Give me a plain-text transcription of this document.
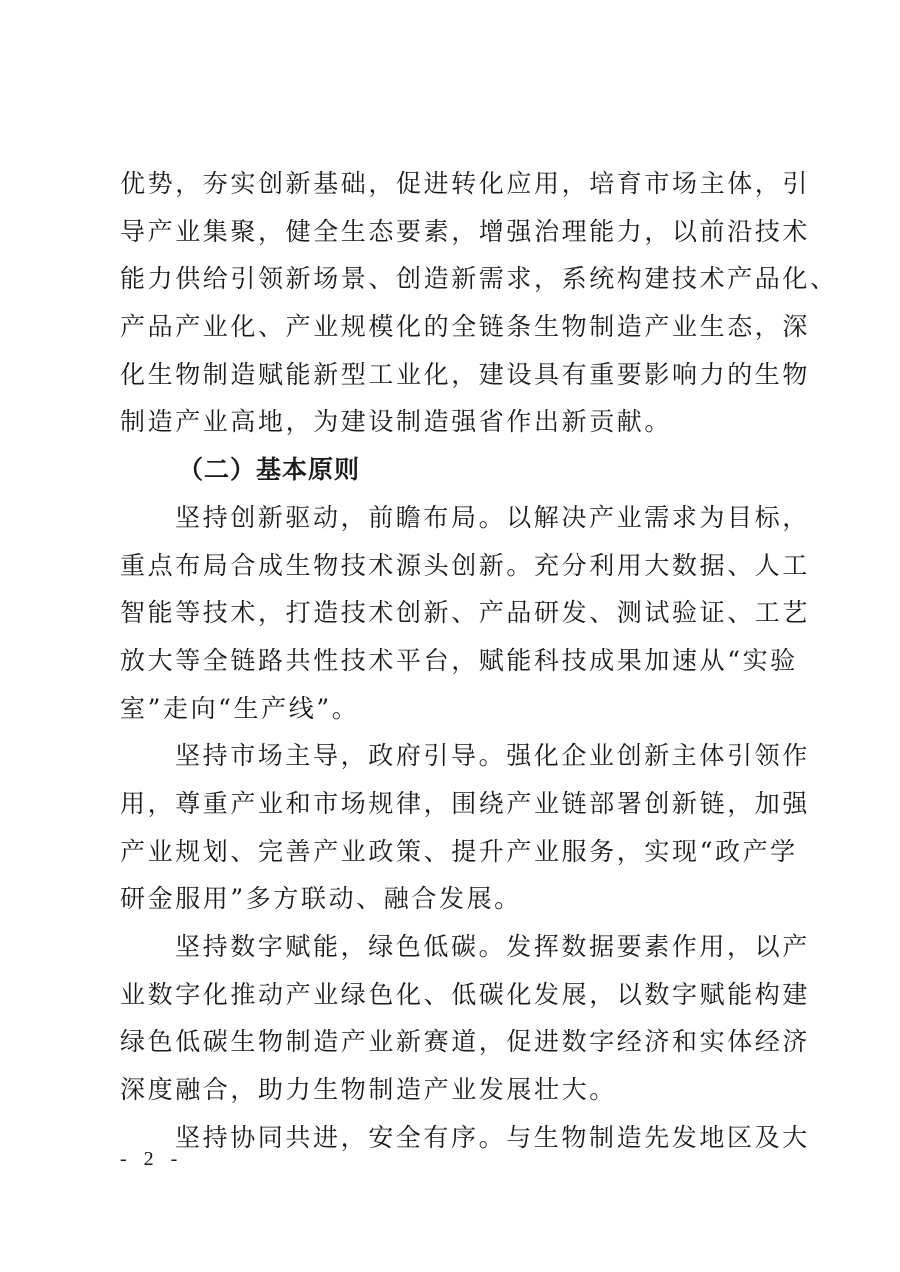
优势，夯实创新基础，促进转化应用，培育市场主体，引
导产业集聚，健全生态要素，增强治理能力，以前沿技术
能力供给引领新场景、创造新需求，系统构建技术产品化、
产品产业化、产业规模化的全链条生物制造产业生态，深
化生物制造赋能新型工业化，建设具有重要影响力的生物
制造产业高地，为建设制造强省作出新贡献。
（二）基本原则
坚持创新驱动，前瞻布局。以解决产业需求为目标，
重点布局合成生物技术源头创新。充分利用大数据、人工
智能等技术，打造技术创新、产品研发、测试验证、工艺
放大等全链路共性技术平台，赋能科技成果加速从“实验
室”走向“生产线”。
坚持市场主导，政府引导。强化企业创新主体引领作
用，尊重产业和市场规律，围绕产业链部署创新链，加强
产业规划、完善产业政策、提升产业服务，实现“政产学
研金服用”多方联动、融合发展。
坚持数字赋能，绿色低碳。发挥数据要素作用，以产
业数字化推动产业绿色化、低碳化发展，以数字赋能构建
绿色低碳生物制造产业新赛道，促进数字经济和实体经济
深度融合，助力生物制造产业发展壮大。
坚持协同共进，安全有序。与生物制造先发地区及大
- 2 -
